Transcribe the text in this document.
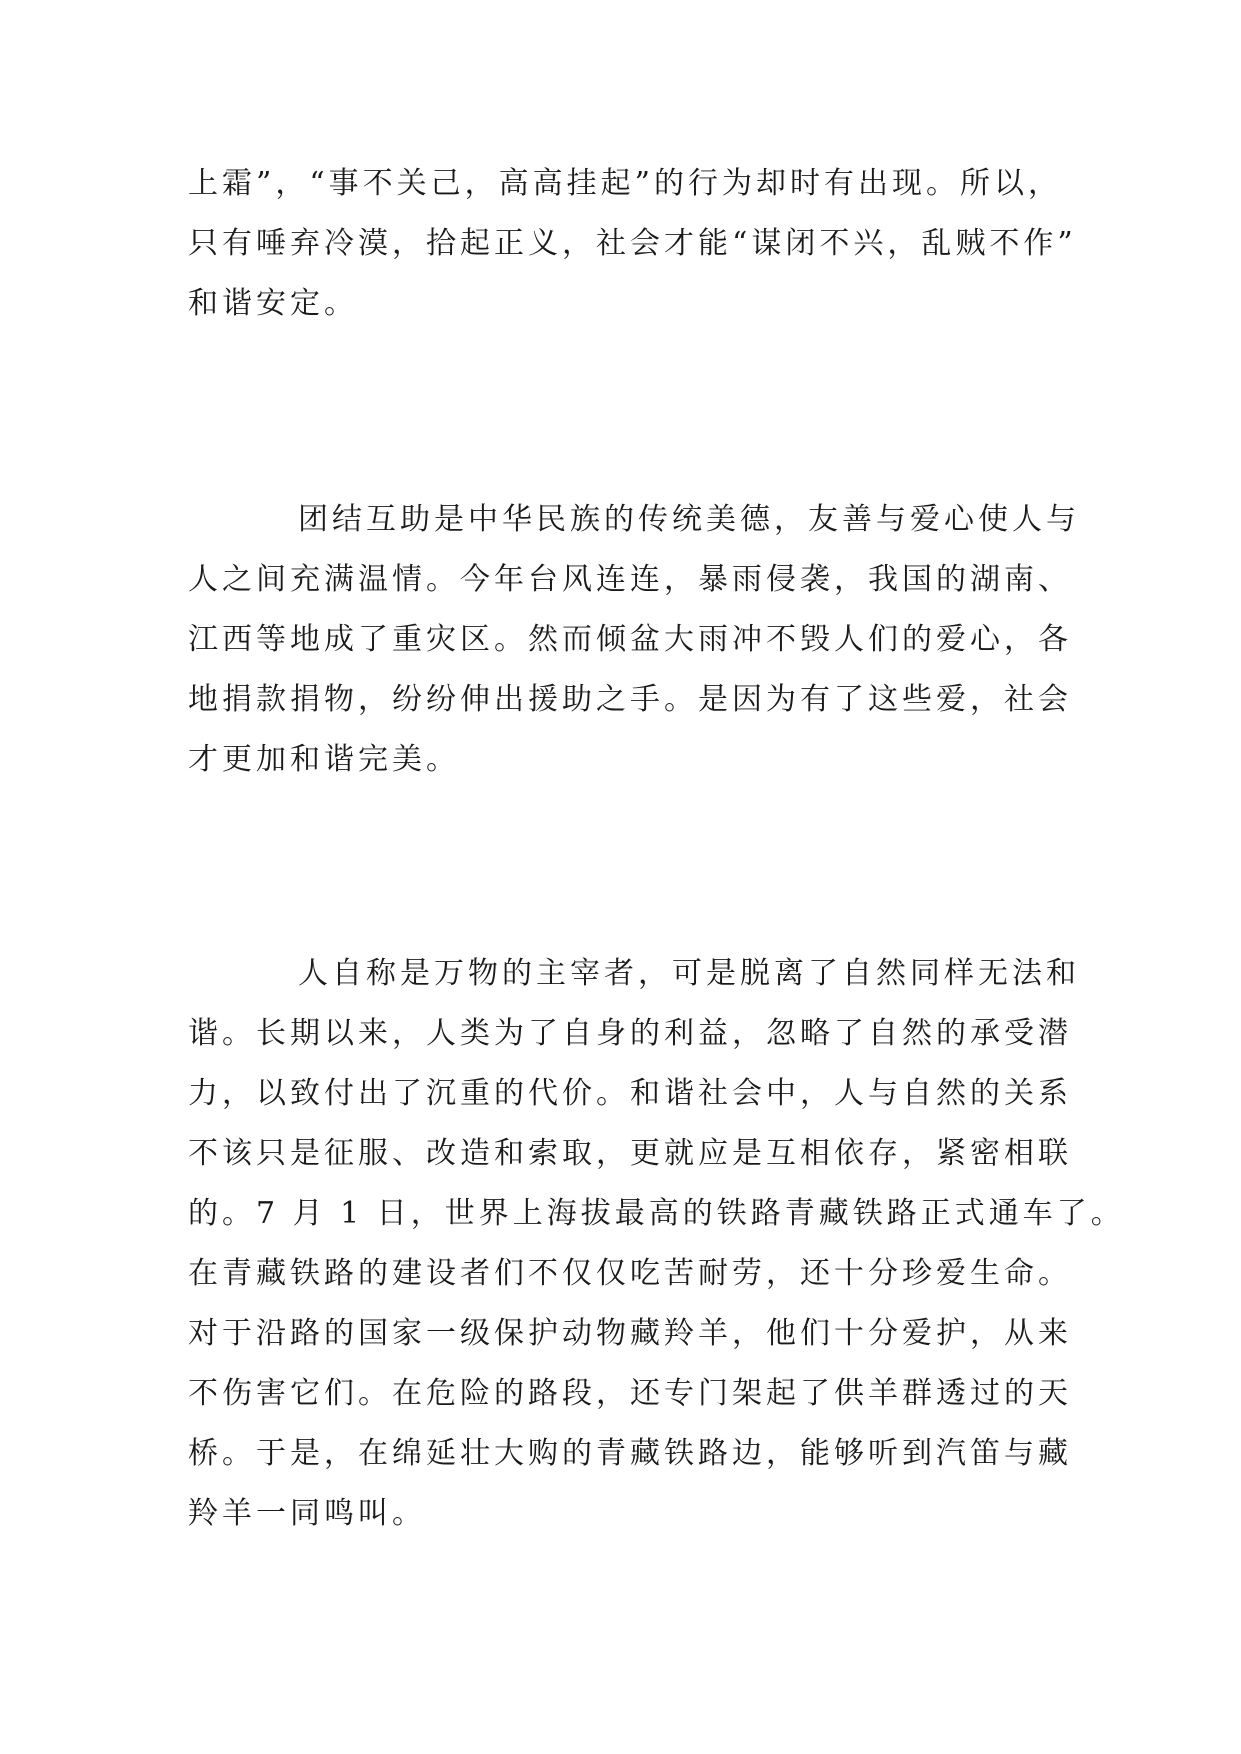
上霜”，“事不关己，高高挂起”的行为却时有出现。所以，
只有唾弃冷漠，拾起正义，社会才能“谋闭不兴，乱贼不作”
和谐安定。
团结互助是中华民族的传统美德，友善与爱心使人与
人之间充满温情。今年台风连连，暴雨侵袭，我国的湖南、
江西等地成了重灾区。然而倾盆大雨冲不毁人们的爱心，各
地捐款捐物，纷纷伸出援助之手。是因为有了这些爱，社会
才更加和谐完美。
人自称是万物的主宰者，可是脱离了自然同样无法和
谐。长期以来，人类为了自身的利益，忽略了自然的承受潜
力，以致付出了沉重的代价。和谐社会中，人与自然的关系
不该只是征服、改造和索取，更就应是互相依存，紧密相联
的。7 月 1 日，世界上海拔最高的铁路青藏铁路正式通车了。
在青藏铁路的建设者们不仅仅吃苦耐劳，还十分珍爱生命。
对于沿路的国家一级保护动物藏羚羊，他们十分爱护，从来
不伤害它们。在危险的路段，还专门架起了供羊群透过的天
桥。于是，在绵延壮大购的青藏铁路边，能够听到汽笛与藏
羚羊一同鸣叫。
